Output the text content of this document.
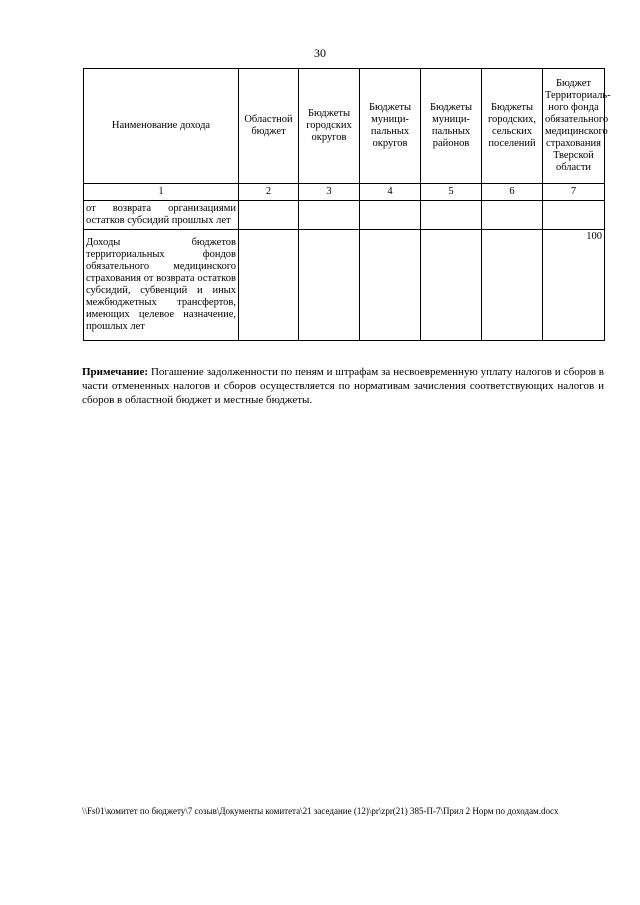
30
Наименование дохода	Областной бюджет	Бюджеты городских округов	Бюджеты муници-пальных округов	Бюджеты муници-пальных районов	Бюджеты городских, сельских поселений	Бюджет Территориаль-ного фонда обязательного медицинского страхования Тверской области
1	2	3	4	5	6	7
от возврата организациями остатков субсидий прошлых лет						
Доходы бюджетов территориальных фондов обязательного медицинского страхования от возврата остатков субсидий, субвенций и иных межбюджетных трансфертов, имеющих целевое назначение, прошлых лет						100
Примечание: Погашение задолженности по пеням и штрафам за несвоевременную уплату налогов и сборов в части отмененных налогов и сборов осуществляется по нормативам зачисления соответствующих налогов и сборов в областной бюджет и местные бюджеты.
\\Fs01\комитет по бюджету\7 созыв\Документы комитета\21 заседание (12)\pr\zpr(21) 385-П-7\Прил 2 Норм по доходам.docx
